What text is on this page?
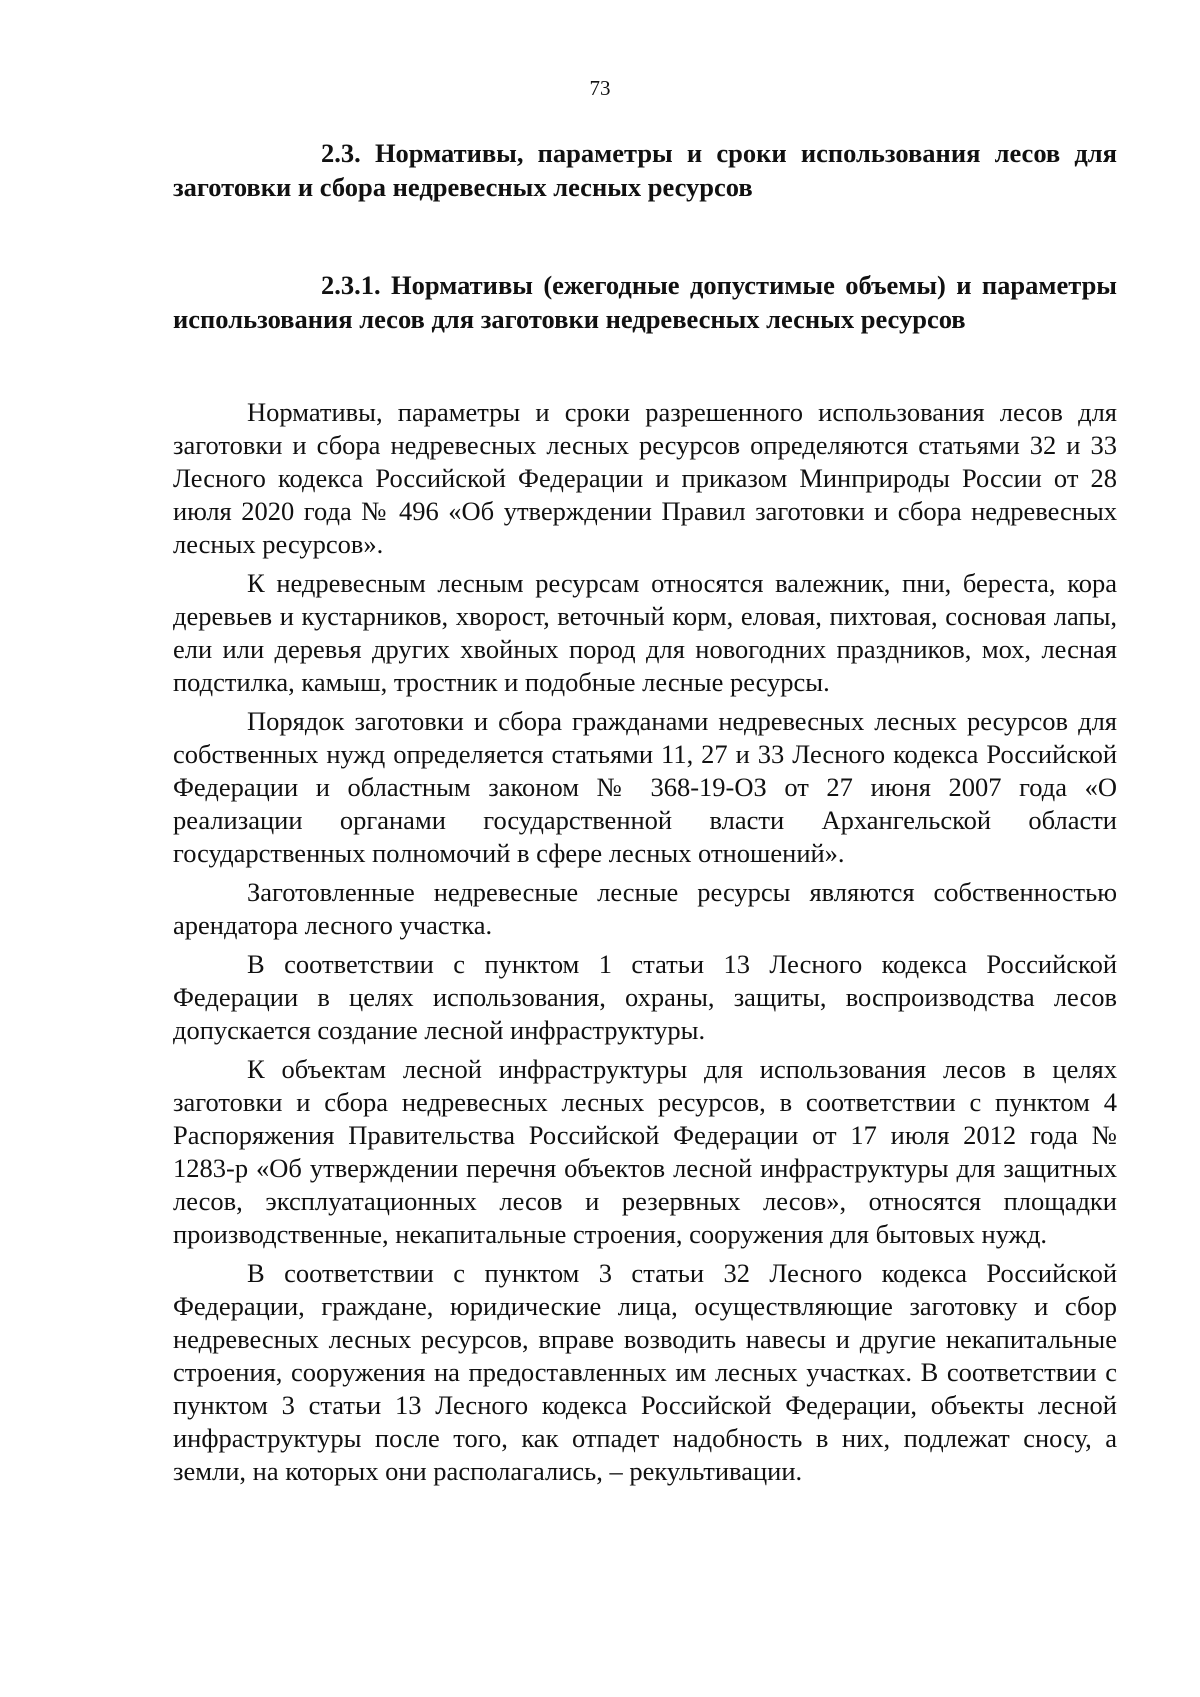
73

2.3. Нормативы, параметры и сроки использования лесов для заготовки и сбора недревесных лесных ресурсов

2.3.1. Нормативы (ежегодные допустимые объемы) и параметры использования лесов для заготовки недревесных лесных ресурсов

Нормативы, параметры и сроки разрешенного использования лесов для заготовки и сбора недревесных лесных ресурсов определяются статьями 32 и 33 Лесного кодекса Российской Федерации и приказом Минприроды России от 28 июля 2020 года № 496 «Об утверждении Правил заготовки и сбора недревесных лесных ресурсов».

К недревесным лесным ресурсам относятся валежник, пни, береста, кора деревьев и кустарников, хворост, веточный корм, еловая, пихтовая, сосновая лапы, ели или деревья других хвойных пород для новогодних праздников, мох, лесная подстилка, камыш, тростник и подобные лесные ресурсы.

Порядок заготовки и сбора гражданами недревесных лесных ресурсов для собственных нужд определяется статьями 11, 27 и 33 Лесного кодекса Российской Федерации и областным законом № 368-19-ОЗ от 27 июня 2007 года «О реализации органами государственной власти Архангельской области государственных полномочий в сфере лесных отношений».

Заготовленные недревесные лесные ресурсы являются собственностью арендатора лесного участка.

В соответствии с пунктом 1 статьи 13 Лесного кодекса Российской Федерации в целях использования, охраны, защиты, воспроизводства лесов допускается создание лесной инфраструктуры.

К объектам лесной инфраструктуры для использования лесов в целях заготовки и сбора недревесных лесных ресурсов, в соответствии с пунктом 4 Распоряжения Правительства Российской Федерации от 17 июля 2012 года № 1283-р «Об утверждении перечня объектов лесной инфраструктуры для защитных лесов, эксплуатационных лесов и резервных лесов», относятся площадки производственные, некапитальные строения, сооружения для бытовых нужд.

В соответствии с пунктом 3 статьи 32 Лесного кодекса Российской Федерации, граждане, юридические лица, осуществляющие заготовку и сбор недревесных лесных ресурсов, вправе возводить навесы и другие некапитальные строения, сооружения на предоставленных им лесных участках. В соответствии с пунктом 3 статьи 13 Лесного кодекса Российской Федерации, объекты лесной инфраструктуры после того, как отпадет надобность в них, подлежат сносу, а земли, на которых они располагались, – рекультивации.
